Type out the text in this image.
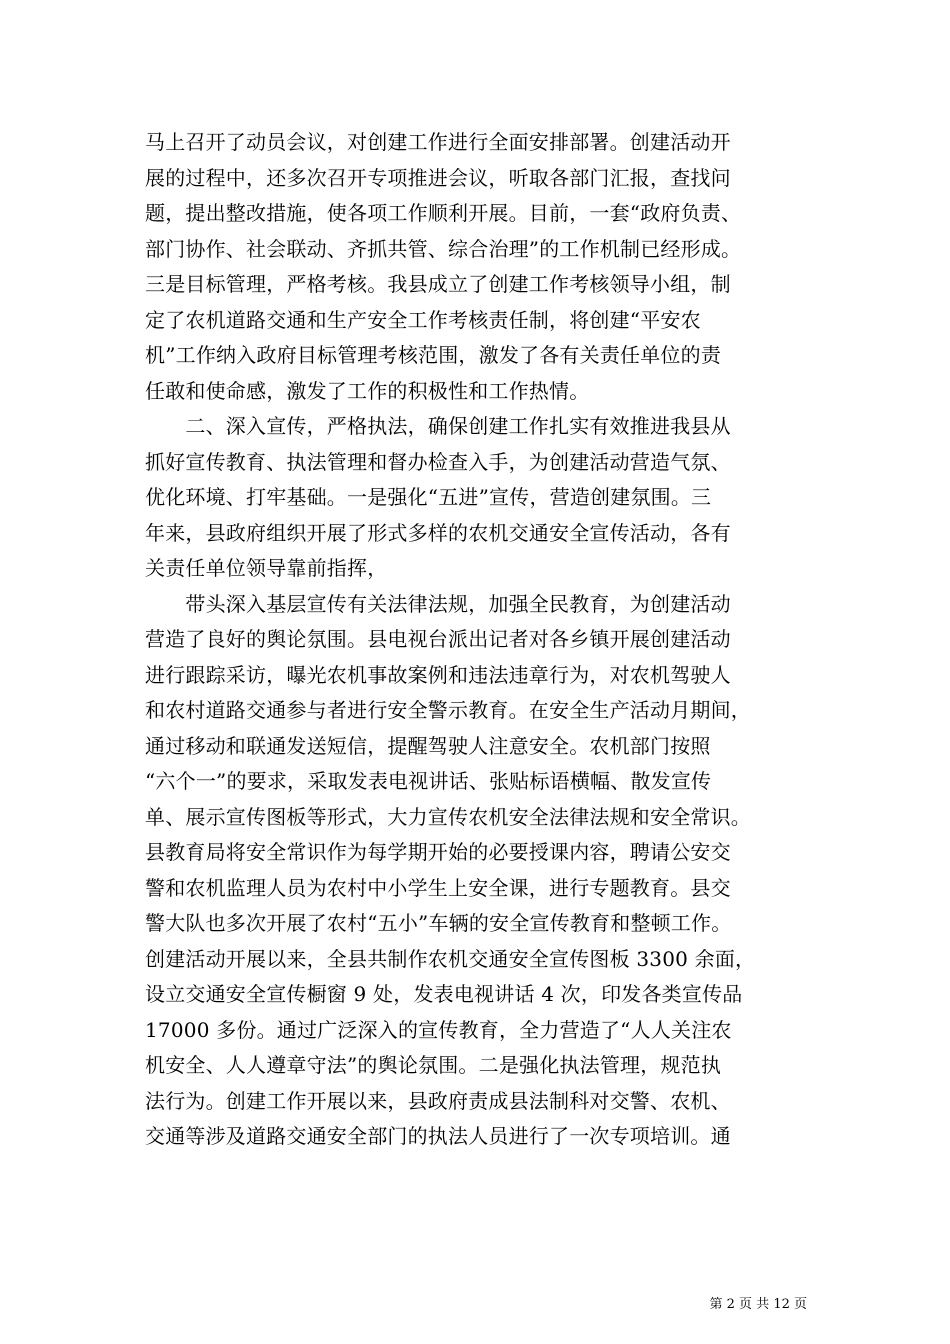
马上召开了动员会议，对创建工作进行全面安排部署。创建活动开
展的过程中，还多次召开专项推进会议，听取各部门汇报，查找问
题，提出整改措施，使各项工作顺利开展。目前，一套“政府负责、
部门协作、社会联动、齐抓共管、综合治理”的工作机制已经形成。
三是目标管理，严格考核。我县成立了创建工作考核领导小组，制
定了农机道路交通和生产安全工作考核责任制，将创建“平安农
机”工作纳入政府目标管理考核范围，激发了各有关责任单位的责
任敢和使命感，激发了工作的积极性和工作热情。
　　二、深入宣传，严格执法，确保创建工作扎实有效推进我县从
抓好宣传教育、执法管理和督办检查入手，为创建活动营造气氛、
优化环境、打牢基础。一是强化“五进”宣传，营造创建氛围。三
年来，县政府组织开展了形式多样的农机交通安全宣传活动，各有
关责任单位领导靠前指挥，
　　带头深入基层宣传有关法律法规，加强全民教育，为创建活动
营造了良好的舆论氛围。县电视台派出记者对各乡镇开展创建活动
进行跟踪采访，曝光农机事故案例和违法违章行为，对农机驾驶人
和农村道路交通参与者进行安全警示教育。在安全生产活动月期间，
通过移动和联通发送短信，提醒驾驶人注意安全。农机部门按照
“六个一”的要求，采取发表电视讲话、张贴标语横幅、散发宣传
单、展示宣传图板等形式，大力宣传农机安全法律法规和安全常识。
县教育局将安全常识作为每学期开始的必要授课内容，聘请公安交
警和农机监理人员为农村中小学生上安全课，进行专题教育。县交
警大队也多次开展了农村“五小”车辆的安全宣传教育和整顿工作。
创建活动开展以来，全县共制作农机交通安全宣传图板 3300 余面，
设立交通安全宣传橱窗 9 处，发表电视讲话 4 次，印发各类宣传品
17000 多份。通过广泛深入的宣传教育，全力营造了“人人关注农
机安全、人人遵章守法”的舆论氛围。二是强化执法管理，规范执
法行为。创建工作开展以来，县政府责成县法制科对交警、农机、
交通等涉及道路交通安全部门的执法人员进行了一次专项培训。通
第 2 页 共 12 页
